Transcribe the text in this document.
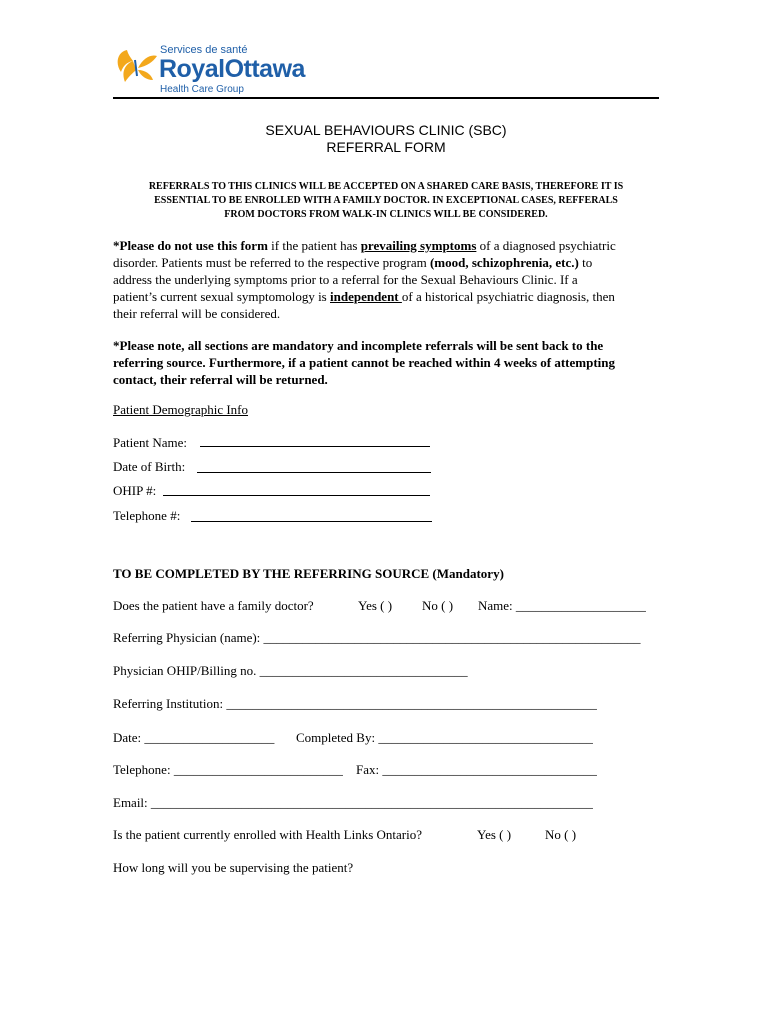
Services de santé
RoyalOttawa
Health Care Group
SEXUAL BEHAVIOURS CLINIC (SBC)
REFERRAL FORM
REFERRALS TO THIS CLINICS WILL BE ACCEPTED ON A SHARED CARE BASIS, THEREFORE IT IS
ESSENTIAL TO BE ENROLLED WITH A FAMILY DOCTOR. IN EXCEPTIONAL CASES, REFFERALS
FROM DOCTORS FROM WALK-IN CLINICS WILL BE CONSIDERED.
*Please do not use this form if the patient has prevailing symptoms of a diagnosed psychiatric
disorder. Patients must be referred to the respective program (mood, schizophrenia, etc.) to
address the underlying symptoms prior to a referral for the Sexual Behaviours Clinic. If a
patient’s current sexual symptomology is independent of a historical psychiatric diagnosis, then
their referral will be considered.
*Please note, all sections are mandatory and incomplete referrals will be sent back to the
referring source. Furthermore, if a patient cannot be reached within 4 weeks of attempting
contact, their referral will be returned.
Patient Demographic Info
Patient Name:
Date of Birth:
OHIP #:
Telephone #:
TO BE COMPLETED BY THE REFERRING SOURCE (Mandatory)
Does the patient have a family doctor?	Yes ( ) No ( ) Name: ____________________
Referring Physician (name): __________________________________________________________
Physician OHIP/Billing no. ________________________________
Referring Institution: _________________________________________________________
Date: ____________________ Completed By: _________________________________
Telephone: __________________________ Fax: _________________________________
Email: ____________________________________________________________________
Is the patient currently enrolled with Health Links Ontario?	Yes ( )	No ( )
How long will you be supervising the patient?
